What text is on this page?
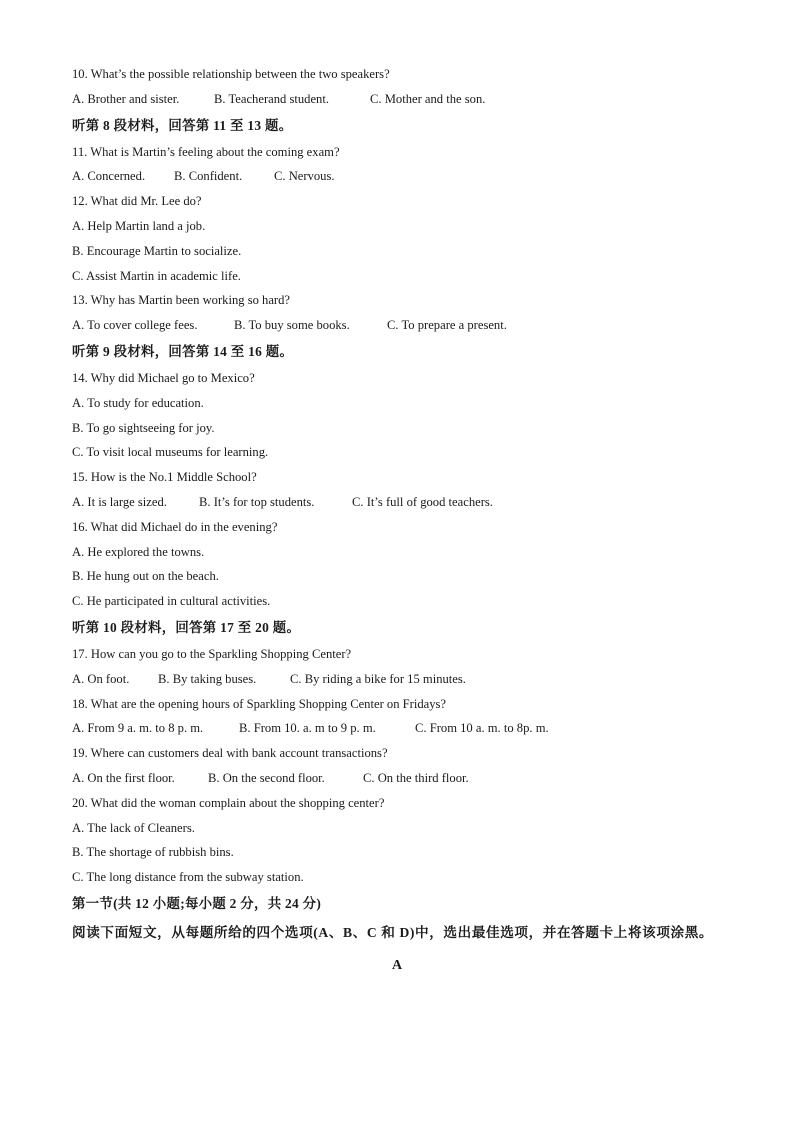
10. What’s the possible relationship between the two speakers?
A. Brother and sister.	B. Teacherand student.	C. Mother and the son.
听第 8 段材料，回答第 11 至 13 题。
11. What is Martin’s feeling about the coming exam?
A. Concerned. B. Confident.	C. Nervous.
12. What did Mr. Lee do?
A. Help Martin land a job.
B. Encourage Martin to socialize.
C. Assist Martin in academic life.
13. Why has Martin been working so hard?
A. To cover college fees.	B. To buy some books.	C. To prepare a present.
听第 9 段材料，回答第 14 至 16 题。
14. Why did Michael go to Mexico?
A. To study for education.
B. To go sightseeing for joy.
C. To visit local museums for learning.
15. How is the No.1 Middle School?
A. It is large sized.	B. It’s for top students.	C. It’s full of good teachers.
16. What did Michael do in the evening?
A. He explored the towns.
B. He hung out on the beach.
C. He participated in cultural activities.
听第 10 段材料，回答第 17 至 20 题。
17. How can you go to the Sparkling Shopping Center?
A. On foot. B. By taking buses.	C. By riding a bike for 15 minutes.
18. What are the opening hours of Sparkling Shopping Center on Fridays?
A. From 9 a. m. to 8 p. m.	B. From 10. a. m to 9 p. m.	C. From 10 a. m. to 8p. m.
19. Where can customers deal with bank account transactions?
A. On the first floor.	B. On the second floor.	C. On the third floor.
20. What did the woman complain about the shopping center?
A. The lack of Cleaners.
B. The shortage of rubbish bins.
C. The long distance from the subway station.
第一节(共 12 小题;每小题 2 分，共 24 分)
阅读下面短文，从每题所给的四个选项(A、B、C 和 D)中，选出最佳选项，并在答题卡上将该项涂黑。
A
